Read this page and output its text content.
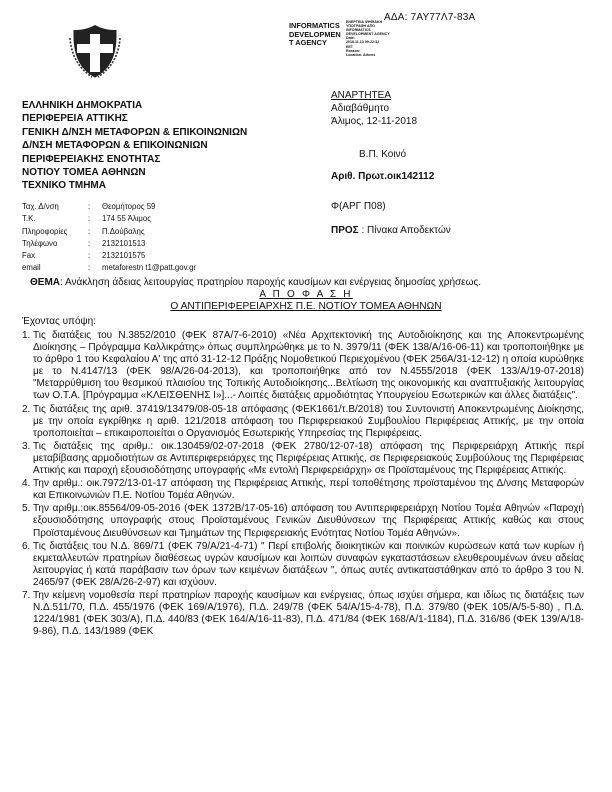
ΑΔΑ: 7ΑΥ77Λ7-83Α
ΕΝΕΡΓΕΙΑ ΨΗΦΙΑΚΗ
ΥΠΟΓΡΑΦΗ ΑΠΟ
INFORMATICS
DEVELOPMENT AGENCY
Date:
2018.11.13 09:22:32
EET
Reason:
Location: Athens
INFORMATICS
DEVELOPMEN
T AGENCY
ΕΛΛΗΝΙΚΗ ΔΗΜΟΚΡΑΤΙΑ
ΠΕΡΙΦΕΡΕΙΑ ΑΤΤΙΚΗΣ
ΓΕΝΙΚΗ Δ/ΝΣΗ ΜΕΤΑΦΟΡΩΝ & ΕΠΙΚΟΙΝΩΝΙΩΝ
Δ/ΝΣΗ ΜΕΤΑΦΟΡΩΝ & ΕΠΙΚΟΙΝΩΝΙΩΝ
ΠΕΡΙΦΕΡΕΙΑΚΗΣ ΕΝΟΤΗΤΑΣ
ΝΟΤΙΟΥ ΤΟΜΕΑ ΑΘΗΝΩΝ
ΤΕΧΝΙΚΟ ΤΜΗΜΑ
ΑΝΑΡΤΗΤΕΑ
Αδιαβάθμητο
Άλιμος, 12-11-2018
Β.Π. Κοινό
Αριθ. Πρωτ.οικ142112
Φ(ΑΡΓ Π08)
ΠΡΟΣ : Πίνακα Αποδεκτών
Ταχ. Δ/νση	:	Θεομήτορος 59
Τ.Κ.	:	174 55 Άλιμος
Πληροφορίες	:	Π.Δούβαλης
Τηλέφωνο	:	2132101513
Fax	:	2132101575
email	:	metaforestn t1@patt.gov.gr
ΘΕΜΑ: Ανάκληση άδειας λειτουργίας πρατηρίου παροχής καυσίμων και ενέργειας δημοσίας χρήσεως.
Α Π Ο Φ Α Σ Η
Ο ΑΝΤΙΠΕΡΙΦΕΡΕΙΑΡΧΗΣ Π.Ε. ΝΟΤΙΟΥ ΤΟΜΕΑ ΑΘΗΝΩΝ
Έχοντας υπόψη:
1. Τις διατάξεις του Ν.3852/2010 (ΦΕΚ 87Α/7-6-2010) «Νέα Αρχιτεκτονική της Αυτοδιοίκησης και της Αποκεντρωμένης Διοίκησης – Πρόγραμμα Καλλικράτης» όπως συμπληρώθηκε με το Ν. 3979/11 (ΦΕΚ 138/Α/16-06-11) και τροποποιήθηκε με το άρθρο 1 του Κεφαλαίου Α' της από 31-12-12 Πράξης Νομοθετικού Περιεχομένου (ΦΕΚ 256Α/31-12-12) η οποία κυρώθηκε με το Ν.4147/13 (ΦΕΚ 98/Α/26-04-2013), και τροποποιήθηκε από τον Ν.4555/2018 (ΦΕΚ 133/Α/19-07-2018) "Μεταρρύθμιση του θεσμικού πλαισίου της Τοπικής Αυτοδιοίκησης...Βελτίωση της οικονομικής και αναπτυξιακής λειτουργίας των Ο.Τ.Α. [Πρόγραμμα «ΚΛΕΙΣΘΕΝΗΣ Ι»]...- Λοιπές διατάξεις αρμοδιότητας Υπουργείου Εσωτερικών και άλλες διατάξεις".
2. Τις διατάξεις της αριθ. 37419/13479/08-05-18 απόφασης (ΦΕΚ1661/τ.Β/2018) του Συντονιστή Αποκεντρωμένης Διοίκησης, με την οποία εγκρίθηκε η αριθ. 121/2018 απόφαση του Περιφερειακού Συμβουλίου Περιφέρειας Αττικής, με την οποία τροποποιείται – επικαιροποιείται ο Οργανισμός Εσωτερικής Υπηρεσίας της Περιφέρειας.
3. Τις διατάξεις της αριθμ.: οικ.130459/02-07-2018 (ΦΕΚ 2780/12-07-18) απόφαση της Περιφερειάρχη Αττικής περί μεταβίβασης αρμοδιοτήτων σε Αντιπεριφερειάρχες της Περιφέρειας Αττικής, σε Περιφερειακούς Συμβούλους της Περιφέρειας Αττικής και παροχή εξουσιοδότησης υπογραφής «Με εντολή Περιφερειάρχη» σε Προϊσταμένους της Περιφέρειας Αττικής.
4. Την αριθμ.: οικ.7972/13-01-17 απόφαση της Περιφέρειας Αττικής, περί τοποθέτησης προϊσταμένου της Δ/νσης Μεταφορών και Επικοινωνιών Π.Ε. Νοτίου Τομέα Αθηνών.
5. Την αριθμ.:οικ.85564/09-05-2016 (ΦΕΚ 1372Β/17-05-16) απόφαση του Αντιπεριφερειάρχη Νοτίου Τομέα Αθηνών «Παροχή εξουσιοδότησης υπογραφής στους Προϊσταμένους Γενικών Διευθύνσεων της Περιφέρειας Αττικής καθώς και στους Προϊσταμένους Διευθύνσεων και Τμημάτων της Περιφερειακής Ενότητας Νοτίου Τομέα Αθηνών».
6. Τις διατάξεις του Ν.Δ. 869/71 (ΦΕΚ 79/Α/21-4-71) " Περί επιβολής διοικητικών και ποινικών κυρώσεων κατά των κυρίων ή εκμεταλλευτών πρατηρίων διαθέσεως υγρών καυσίμων και λοιπών συναφών εγκαταστάσεων ελευθερουμένων άνευ αδείας λειτουργίας ή κατά παράβασιν των όρων των κειμένων διατάξεων ", όπως αυτές αντικαταστάθηκαν από το άρθρο 3 του Ν. 2465/97 (ΦΕΚ 28/Α/26-2-97) και ισχύουν.
7. Την κείμενη νομοθεσία περί πρατηρίων παροχής καυσίμων και ενέργειας, όπως ισχύει σήμερα, και ιδίως τις διατάξεις των Ν.Δ.511/70, Π.Δ. 455/1976 (ΦΕΚ 169/Α/1976), Π.Δ. 249/78 (ΦΕΚ 54/Α/15-4-78), Π.Δ. 379/80 (ΦΕΚ 105/Α/5-5-80) , Π.Δ. 1224/1981 (ΦΕΚ 303/Α), Π.Δ. 440/83 (ΦΕΚ 164/Α/16-11-83), Π.Δ. 471/84 (ΦΕΚ 168/Α/1-1184), Π.Δ. 316/86 (ΦΕΚ 139/Α/18-9-86), Π.Δ. 143/1989 (ΦΕΚ
